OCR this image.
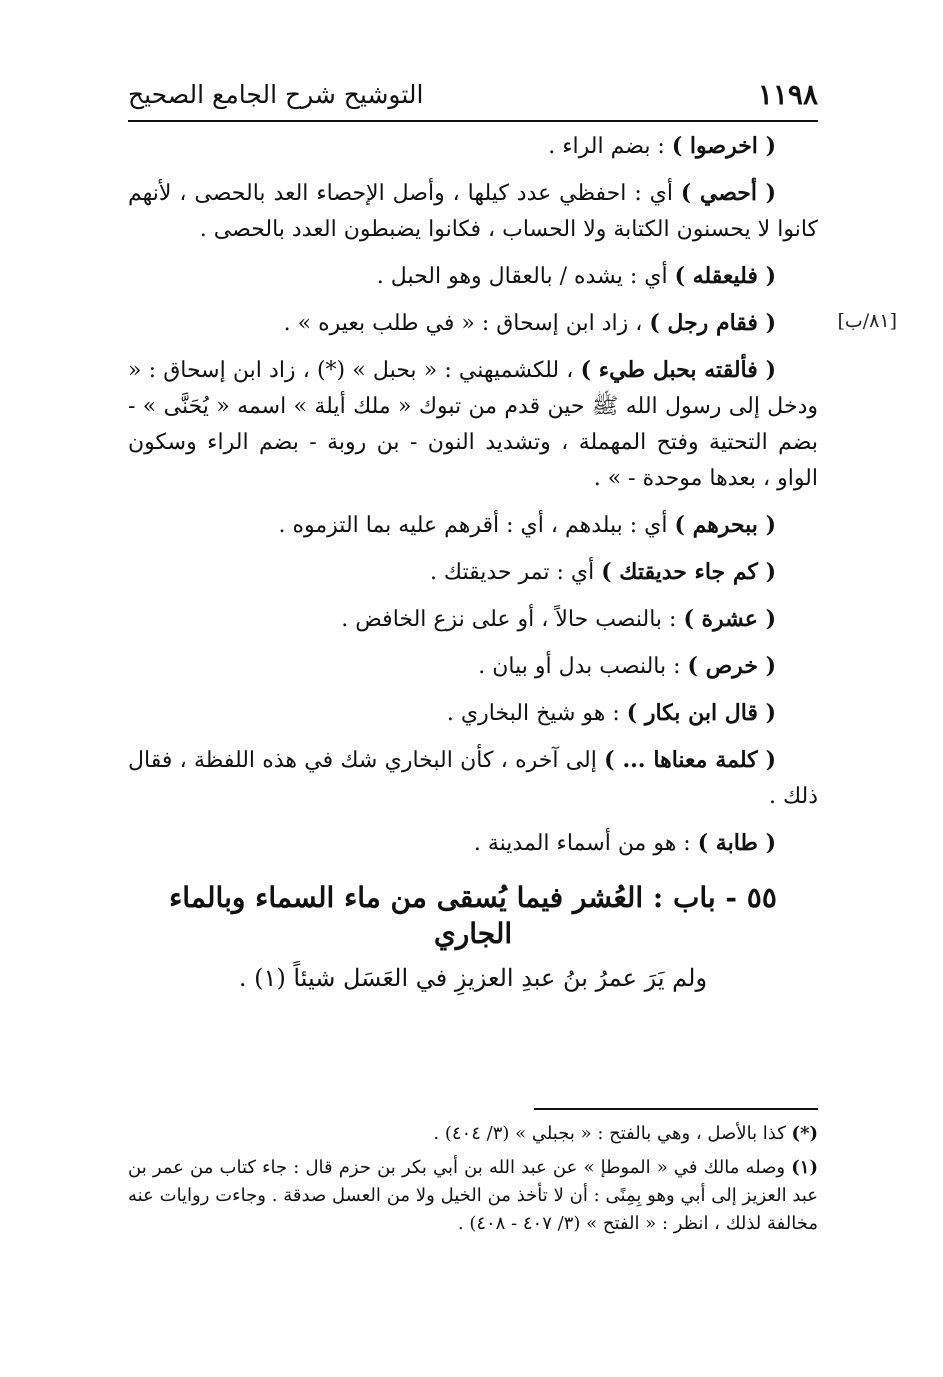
١١٩٨
التوشيح شرح الجامع الصحيح
[٨١/ب]

( اخرصوا ) : بضم الراء .

( أحصي ) أي : احفظي عدد كيلها ، وأصل الإحصاء العد بالحصى ، لأنهم كانوا لا يحسنون الكتابة ولا الحساب ، فكانوا يضبطون العدد بالحصى .

( فليعقله ) أي : يشده / بالعقال وهو الحبل .

( فقام رجل ) ، زاد ابن إسحاق : « في طلب بعيره » .

( فألقته بحبل طيء ) ، للكشميهني : « بحبل » (*) ، زاد ابن إسحاق : « ودخل إلى رسول الله ﷺ حين قدم من تبوك « ملك أيلة » اسمه « يُحَنَّى » - بضم التحتية وفتح المهملة ، وتشديد النون - بن روبة - بضم الراء وسكون الواو ، بعدها موحدة - » .

( ببحرهم ) أي : ببلدهم ، أي : أقرهم عليه بما التزموه .

( كم جاء حديقتك ) أي : تمر حديقتك .

( عشرة ) : بالنصب حالاً ، أو على نزع الخافض .

( خرص ) : بالنصب بدل أو بيان .

( قال ابن بكار ) : هو شيخ البخاري .

( كلمة معناها ... ) إلى آخره ، كأن البخاري شك في هذه اللفظة ، فقال ذلك .

( طابة ) : هو من أسماء المدينة .

٥٥ - باب : العُشر فيما يُسقى من ماء السماء وبالماء الجاري

ولم يَرَ عمرُ بنُ عبدِ العزيزِ في العَسَل شيئاً (١) .

(*) كذا بالأصل ، وهي بالفتح : « بجبلي » (٣/ ٤٠٤) .

(١) وصله مالك في « الموطإ » عن عبد الله بن أبي بكر بن حزم قال : جاء كتاب من عمر بن عبد العزيز إلى أبي وهو بِمِنًى : أن لا تأخذ من الخيل ولا من العسل صدقة . وجاءت روايات عنه مخالفة لذلك ، انظر : « الفتح » (٣/ ٤٠٧ - ٤٠٨) .
